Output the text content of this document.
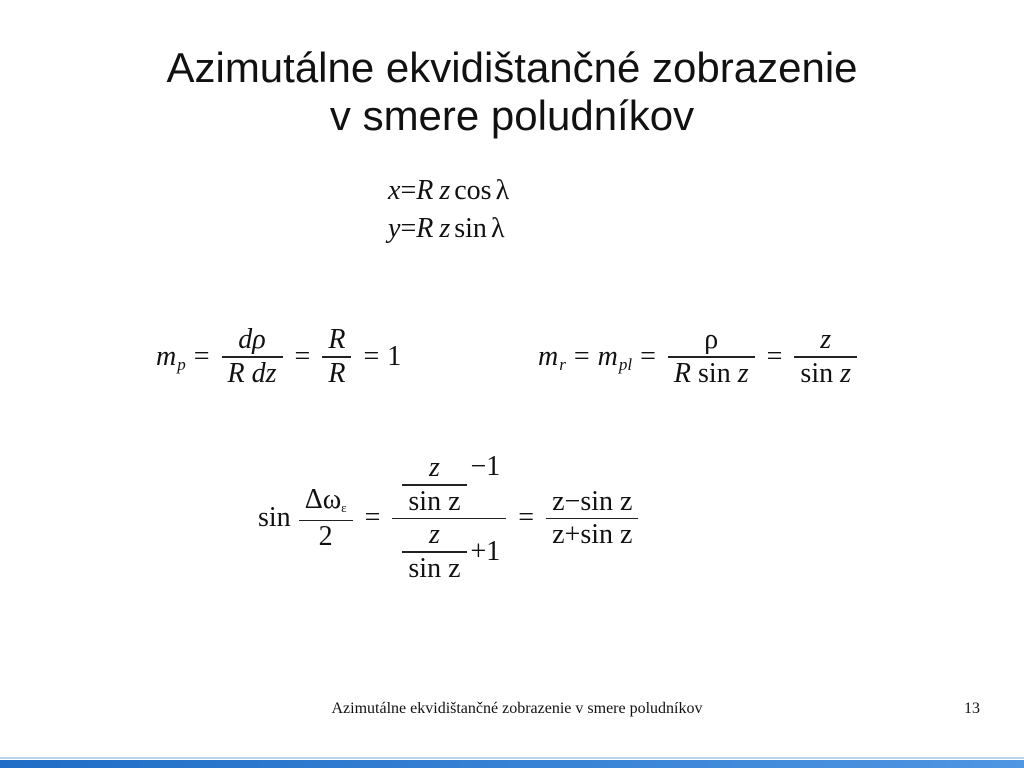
Azimutálne ekvidištančné zobrazenie
v smere poludníkov
x = R z cos λ
y = R z sin λ
m $p = \frac{d\rho}{\text{R dz}} = \frac{R}{R} = 1$	m r = m pl = $\frac{\rho}{\text{R sin z}} = \frac{z}{\text{sin z}}$
$\sin \frac{\text{Δωε}}{2} = \frac{\frac{z}{\text{sin z}} -1}{\frac{z}{\text{sin z}} +1} = \frac{\text{z−sin z}}{\text{z+sin z}}$
Azimutálne ekvidištančné zobrazenie v smere poludníkov	13
